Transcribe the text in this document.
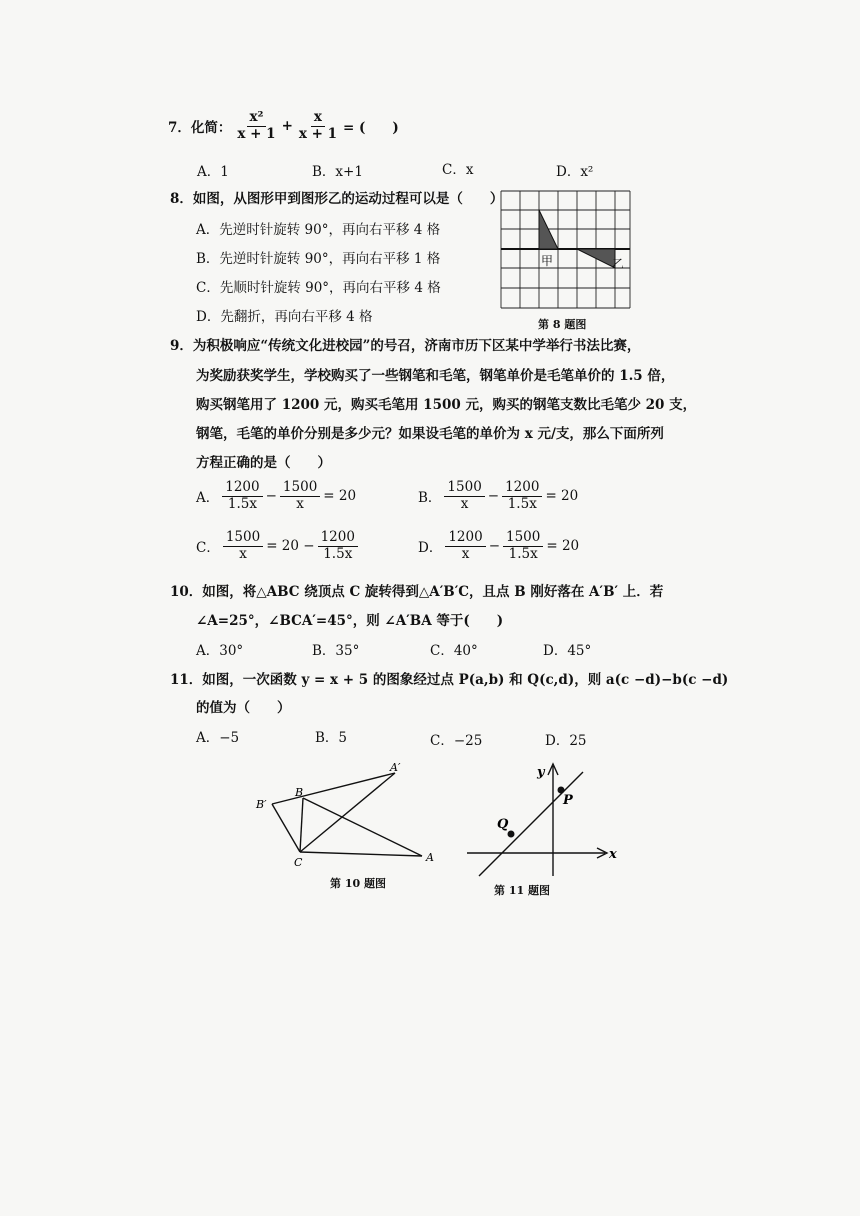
7．化简： $\frac{\text{x²}}{x + 1} + \frac{x}{x + 1}$ = (　　)
A．1	B．x+1	C．x	D．x²
8．如图，从图形甲到图形乙的运动过程可以是（　　）
A．先逆时针旋转 90°，再向右平移 4 格
B．先逆时针旋转 90°，再向右平移 1 格
C．先顺时针旋转 90°，再向右平移 4 格
D．先翻折，再向右平移 4 格
甲	乙
第 8 题图
9．为积极响应“传统文化进校园”的号召，济南市历下区某中学举行书法比赛，
为奖励获奖学生，学校购买了一些钢笔和毛笔，钢笔单价是毛笔单价的 1.5 倍，
购买钢笔用了 1200 元，购买毛笔用 1500 元，购买的钢笔支数比毛笔少 20 支，
钢笔，毛笔的单价分别是多少元？如果设毛笔的单价为 x 元/支，那么下面所列
方程正确的是（　　）
A． $\frac{1200}{1.5x} - \frac{1500}{x} = 20$	B． $\frac{1500}{x} - \frac{1200}{1.5x} = 20$
C． $\frac{1500}{x} = 20 - \frac{1200}{1.5x}$	D． $\frac{1200}{x} - \frac{1500}{1.5x} = 20$
10．如图，将△ABC 绕顶点 C 旋转得到△A′B′C，且点 B 刚好落在 A′B′ 上．若
∠A=25°，∠BCA′=45°，则 ∠A′BA 等于(　　)
A．30°	B．35°	C．40°	D．45°
11．如图，一次函数 y = x + 5 的图象经过点 P(a,b) 和 Q(c,d)，则 a(c −d)−b(c −d)
的值为（　　）
A．−5	B．5	C．−25	D．25
A′
B′
B
C	A
第 10 题图
x
y
P
Q
第 11 题图
